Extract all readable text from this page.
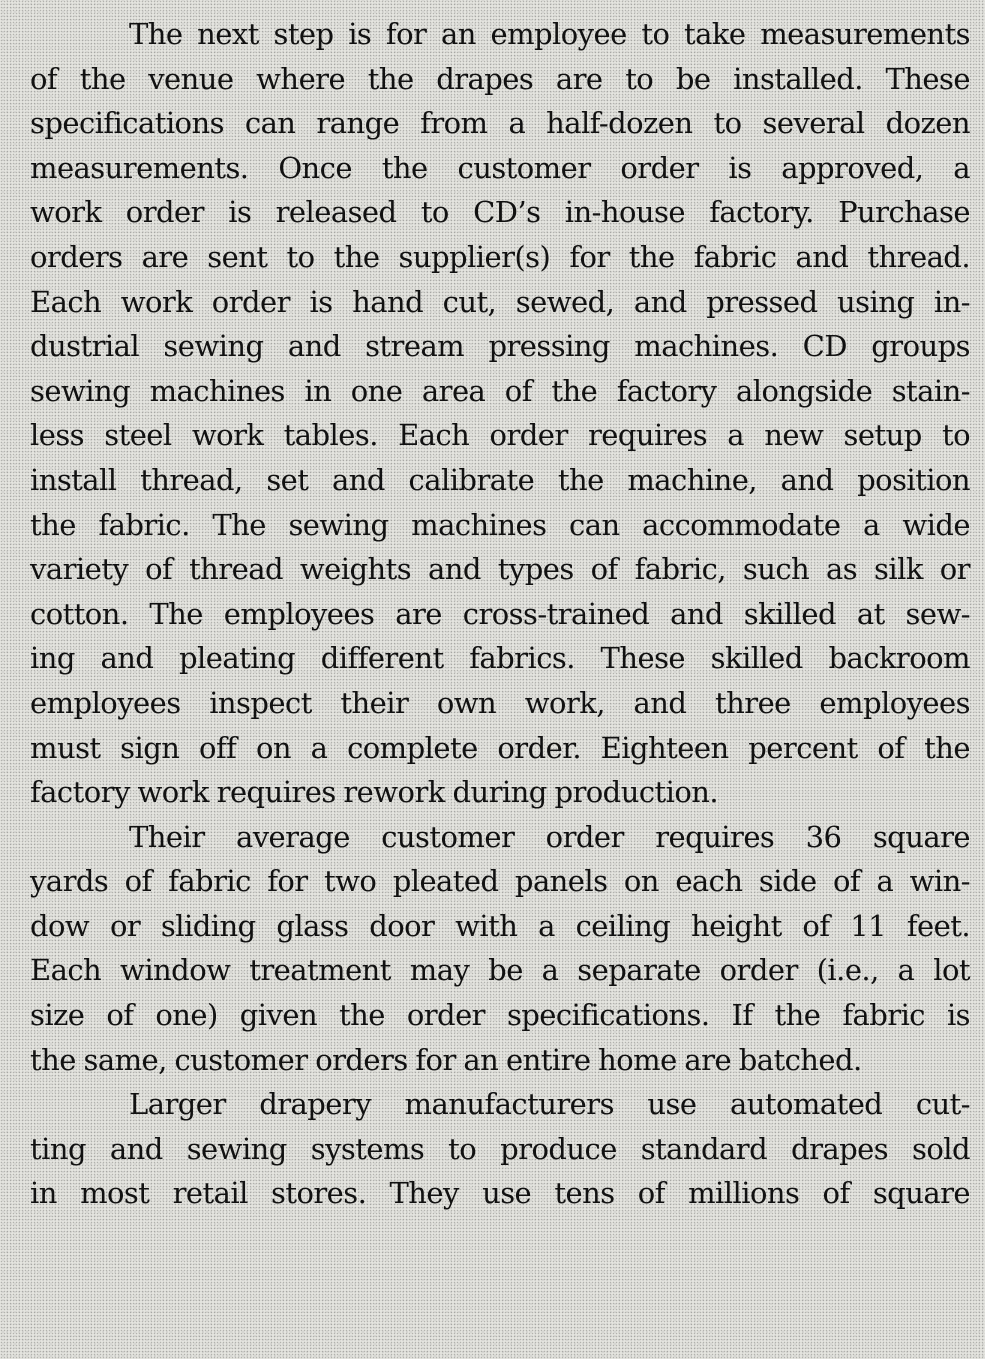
The next step is for an employee to take measurements
of the venue where the drapes are to be installed. These
specifications can range from a half-dozen to several dozen
measurements. Once the customer order is approved, a
work order is released to CD’s in-house factory. Purchase
orders are sent to the supplier(s) for the fabric and thread.
Each work order is hand cut, sewed, and pressed using in-
dustrial sewing and stream pressing machines. CD groups
sewing machines in one area of the factory alongside stain-
less steel work tables. Each order requires a new setup to
install thread, set and calibrate the machine, and position
the fabric. The sewing machines can accommodate a wide
variety of thread weights and types of fabric, such as silk or
cotton. The employees are cross-trained and skilled at sew-
ing and pleating different fabrics. These skilled backroom
employees inspect their own work, and three employees
must sign off on a complete order. Eighteen percent of the
factory work requires rework during production.
Their average customer order requires 36 square
yards of fabric for two pleated panels on each side of a win-
dow or sliding glass door with a ceiling height of 11 feet.
Each window treatment may be a separate order (i.e., a lot
size of one) given the order specifications. If the fabric is
the same, customer orders for an entire home are batched.
Larger drapery manufacturers use automated cut-
ting and sewing systems to produce standard drapes sold
in most retail stores. They use tens of millions of square
